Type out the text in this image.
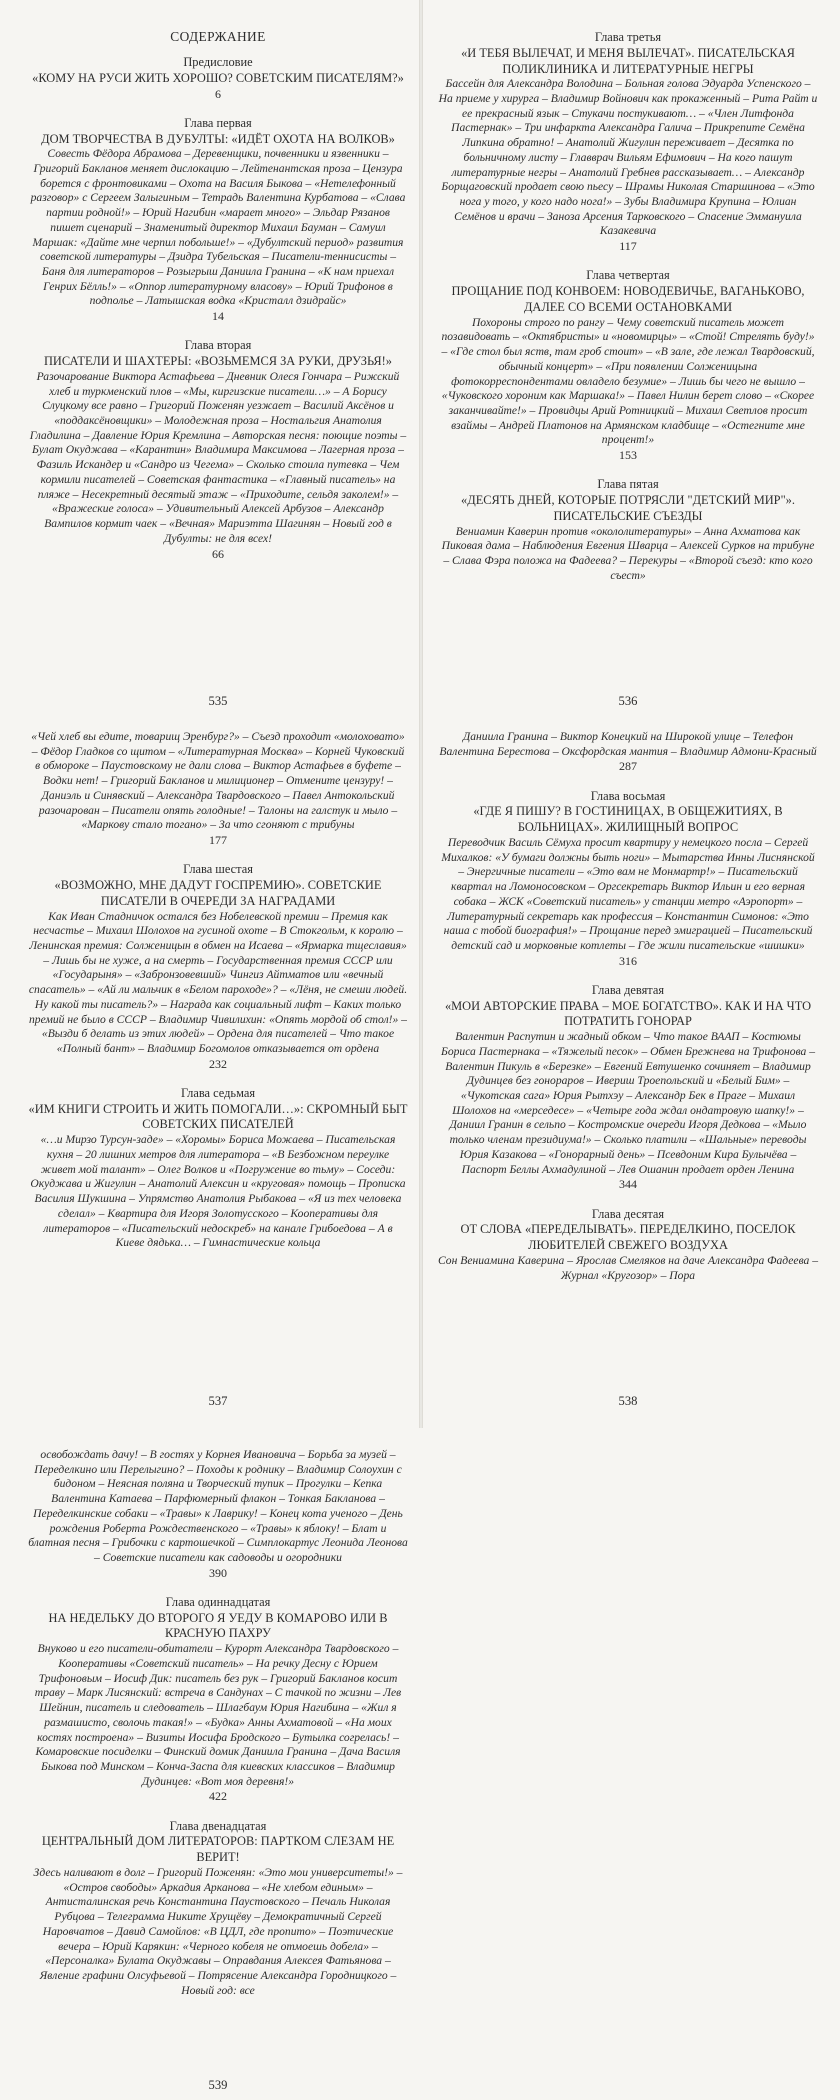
СОДЕРЖАНИЕ
Предисловие
«КОМУ НА РУСИ ЖИТЬ ХОРОШО? СОВЕТСКИМ ПИСАТЕЛЯМ?»
6
Глава первая
ДОМ ТВОРЧЕСТВА В ДУБУЛТЫ: «ИДЁТ ОХОТА НА ВОЛКОВ»
Совесть Фёдора Абрамова – Деревенщики, почвенники и язвенники – Григорий Бакланов меняет дислокацию – Лейтенантская проза – Цензура борется с фронтовиками – Охота на Василя Быкова – «Нетелефонный разговор» с Сергеем Залыгиным – Тетрадь Валентина Курбатова – «Слава партии родной!» – Юрий Нагибин «марает много» – Эльдар Рязанов пишет сценарий – Знаменитый директор Михаил Бауман – Самуил Маршак: «Дайте мне черпил побольше!» – «Дубултский период» развития советской литературы – Дзидра Тубельская – Писатели-теннисисты – Баня для литераторов – Розыгрыш Даниила Гранина – «К нам приехал Генрих Бёлль!» – «Оппор литературному власову» – Юрий Трифонов в подполье – Латышская водка «Кристалл дзидрайс»
14
Глава вторая
ПИСАТЕЛИ И ШАХТЕРЫ: «ВОЗЬМЕМСЯ ЗА РУКИ, ДРУЗЬЯ!»
Разочарование Виктора Астафьева – Дневник Олеся Гончара – Рижский хлеб и туркменский плов – «Мы, киргизские писатели…» – А Борису Слуцкому все равно – Григорий Поженян уезжает – Василий Аксёнов и «поддаксёновщики» – Молодежная проза – Ностальгия Анатолия Гладилина – Давление Юрия Кремлина – Авторская песня: поющие поэты – Булат Окуджава – «Карантин» Владимира Максимова – Лагерная проза – Фазиль Искандер и «Сандро из Чегема» – Сколько стоила путевка – Чем кормили писателей – Советская фантастика – «Главный писатель» на пляже – Несекретный десятый этаж – «Приходите, сельдя заколем!» – «Вражеские голоса» – Удивительный Алексей Арбузов – Александр Вампилов кормит чаек – «Вечная» Мариэтта Шагинян – Новый год в Дубулты: не для всех!
66
535
Глава третья
«И ТЕБЯ ВЫЛЕЧАТ, И МЕНЯ ВЫЛЕЧАТ». ПИСАТЕЛЬСКАЯ ПОЛИКЛИНИКА И ЛИТЕРАТУРНЫЕ НЕГРЫ
Бассейн для Александра Володина – Больная голова Эдуарда Успенского – На приеме у хирурга – Владимир Войнович как прокаженный – Рита Райт и ее прекрасный язык – Стукачи постукивают… – «Член Литфонда Пастернак» – Три инфаркта Александра Галича – Прикрепите Семёна Липкина обратно! – Анатолий Жигулин переживает – Десятка по больничному листу – Главврач Вильям Ефимович – На кого пашут литературные негры – Анатолий Гребнев рассказывает… – Александр Борщаговский продает свою пьесу – Шрамы Николая Старшинова – «Это нога у того, у кого надо нога!» – Зубы Владимира Крупина – Юлиан Семёнов и врачи – Заноза Арсения Тарковского – Спасение Эммануила Казакевича
117
Глава четвертая
ПРОЩАНИЕ ПОД КОНВОЕМ: НОВОДЕВИЧЬЕ, ВАГАНЬКОВО, ДАЛЕЕ СО ВСЕМИ ОСТАНОВКАМИ
Похороны строго по рангу – Чему советский писатель может позавидовать – «Октябристы» и «новомирцы» – «Стой! Стрелять буду!» – «Где стол был яств, там гроб стоит» – «В зале, где лежал Твардовский, обычный концерт» – «При появлении Солженицына фотокорреспондентами овладело безумие» – Лишь бы чего не вышло – «Чуковского хороним как Маршака!» – Павел Нилин берет слово – «Скорее заканчивайте!» – Провидцы Арий Ротницкий – Михаил Светлов просит взаймы – Андрей Платонов на Армянском кладбище – «Остегните мне процент!»
153
Глава пятая
«ДЕСЯТЬ ДНЕЙ, КОТОРЫЕ ПОТРЯСЛИ "ДЕТСКИЙ МИР"». ПИСАТЕЛЬСКИЕ СЪЕЗДЫ
Вениамин Каверин против «окололитературы» – Анна Ахматова как Пиковая дама – Наблюдения Евгения Шварца – Алексей Сурков на трибуне – Слава Фэра положа на Фадеева? – Перекуры – «Второй съезд: кто кого съест»
536
«Чей хлеб вы едите, товарищ Эренбург?» – Съезд проходит «молоховато» – Фёдор Гладков со щитом – «Литературная Москва» – Корней Чуковский в обмороке – Паустовскому не дали слова – Виктор Астафьев в буфете – Водки нет! – Григорий Бакланов и милиционер – Отмените цензуру! – Даниэль и Синявский – Александра Твардовского – Павел Антокольский разочарован – Писатели опять голодные! – Талоны на галстук и мыло – «Маркову стало тогано» – За что сгоняют с трибуны
177
Глава шестая
«ВОЗМОЖНО, МНЕ ДАДУТ ГОСПРЕМИЮ». СОВЕТСКИЕ ПИСАТЕЛИ В ОЧЕРЕДИ ЗА НАГРАДАМИ
Как Иван Стадничок остался без Нобелевской премии – Премия как несчастье – Михаил Шолохов на гусиной охоте – В Стокгольм, к королю – Ленинская премия: Солженицын в обмен на Исаева – «Ярмарка тщеславия» – Лишь бы не хуже, а на смерть – Государственная премия СССР или «Государыня» – «Забронзовевший» Чингиз Айтматов или «вечный спасатель» – «Ай ли мальчик в «Белом пароходе»? – «Лёня, не смеши людей. Ну какой ты писатель?» – Награда как социальный лифт – Каких только премий не было в СССР – Владимир Чивилихин: «Опять мордой об стол!» – «Вызди б делать из этих людей» – Ордена для писателей – Что такое «Полный бант» – Владимир Богомолов отказывается от ордена
232
Глава седьмая
«ИМ КНИГИ СТРОИТЬ И ЖИТЬ ПОМОГАЛИ…»: СКРОМНЫЙ БЫТ СОВЕТСКИХ ПИСАТЕЛЕЙ
«…и Мирзо Турсун-заде» – «Хоромы» Бориса Можаева – Писательская кухня – 20 лишних метров для литератора – «В Безбожном переулке живет мой талант» – Олег Волков и «Погружение во тьму» – Соседи: Окуджава и Жигулин – Анатолий Алексин и «круговая» помощь – Прописка Василия Шукшина – Упрямство Анатолия Рыбакова – «Я из тех человека сделал» – Квартира для Игоря Золотусского – Кооперативы для литераторов – «Писательский недоскреб» на канале Грибоедова – А в Киеве дядька… – Гимнастические кольца
537
Даниила Гранина – Виктор Конецкий на Широкой улице – Телефон Валентина Берестова – Оксфордская мантия – Владимир Адмони-Красный
287
Глава восьмая
«ГДЕ Я ПИШУ? В ГОСТИНИЦАХ, В ОБЩЕЖИТИЯХ, В БОЛЬНИЦАХ». ЖИЛИЩНЫЙ ВОПРОС
Переводчик Василь Сёмуха просит квартиру у немецкого посла – Сергей Михалков: «У бумаги должны быть ноги» – Мытарства Инны Лиснянской – Энергичные писатели – «Это вам не Монмартр!» – Писательский квартал на Ломоносовском – Оргсекретарь Виктор Ильин и его верная собака – ЖСК «Советский писатель» у станции метро «Аэропорт» – Литературный секретарь как профессия – Константин Симонов: «Это наша с тобой биография!» – Прощание перед эмиграцией – Писательский детский сад и морковные котлеты – Где жили писательские «шишки»
316
Глава девятая
«МОИ АВТОРСКИЕ ПРАВА – МОЕ БОГАТСТВО». КАК И НА ЧТО ПОТРАТИТЬ ГОНОРАР
Валентин Распутин и жадный обком – Что такое ВААП – Костюмы Бориса Пастернака – «Тяжелый песок» – Обмен Брежнева на Трифонова – Валентин Пикуль в «Березке» – Евгений Евтушенко сочиняет – Владимир Дудинцев без гонораров – Ивериш Троепольский и «Белый Бим» – «Чукотская сага» Юрия Рытхэу – Александр Бек в Праге – Михаил Шолохов на «мерседесе» – «Четыре года ждал ондатровую шапку!» – Даниил Гранин в сельпо – Костромские очереди Игоря Дедкова – «Мыло только членам президиума!» – Сколько платили – «Шальные» переводы Юрия Казакова – «Гонорарный день» – Псевдоним Кира Булычёва – Паспорт Беллы Ахмадулиной – Лев Ошанин продает орден Ленина
344
Глава десятая
ОТ СЛОВА «ПЕРЕДЕЛЫВАТЬ». ПЕРЕДЕЛКИНО, ПОСЕЛОК ЛЮБИТЕЛЕЙ СВЕЖЕГО ВОЗДУХА
Сон Вениамина Каверина – Ярослав Смеляков на даче Александра Фадеева – Журнал «Кругозор» – Пора
538
освобождать дачу! – В гостях у Корнея Ивановича – Борьба за музей – Переделкино или Перелыгино? – Походы к роднику – Владимир Солоухин с бидоном – Неясная поляна и Творческий тупик – Прогулки – Кепка Валентина Катаева – Парфюмерный флакон – Тонкая Бакланова – Переделкинские собаки – «Травы» к Лаврику! – Конец кота ученого – День рождения Роберта Рождественского – «Травы» к яблоку! – Блат и блатная песня – Грибочки с картошечкой – Симплокартус Леонида Леонова – Советские писатели как садоводы и огородники
390
Глава одиннадцатая
НА НЕДЕЛЬКУ ДО ВТОРОГО Я УЕДУ В КОМАРОВО ИЛИ В КРАСНУЮ ПАХРУ
Внуково и его писатели-обитатели – Курорт Александра Твардовского – Кооперативы «Советский писатель» – На речку Десну с Юрием Трифоновым – Иосиф Дик: писатель без рук – Григорий Бакланов косит траву – Марк Лисянский: встреча в Сандунах – С тачкой по жизни – Лев Шейнин, писатель и следователь – Шлагбаум Юрия Нагибина – «Жил я размашисто, сволочь такая!» – «Будка» Анны Ахматовой – «На моих костях построена» – Визиты Иосифа Бродского – Бутылка согрелась! – Комаровские посиделки – Финский домик Даниила Гранина – Дача Василя Быкова под Минском – Конча-Заспа для киевских классиков – Владимир Дудинцев: «Вот моя деревня!»
422
Глава двенадцатая
ЦЕНТРАЛЬНЫЙ ДОМ ЛИТЕРАТОРОВ: ПАРТКОМ СЛЕЗАМ НЕ ВЕРИТ!
Здесь наливают в долг – Григорий Поженян: «Это мои университеты!» – «Остров свободы» Аркадия Арканова – «Не хлебом единым» – Антисталинская речь Константина Паустовского – Печаль Николая Рубцова – Телеграмма Никите Хрущёву – Демократичный Сергей Наровчатов – Давид Самойлов: «В ЦДЛ, где пропито» – Поэтические вечера – Юрий Карякин: «Черного кобеля не отмоешь добела» – «Персоналка» Булата Окуджавы – Оправдания Алексея Фатьянова – Явление графини Олсуфьевой – Потрясение Александра Городницкого – Новый год: все
539
